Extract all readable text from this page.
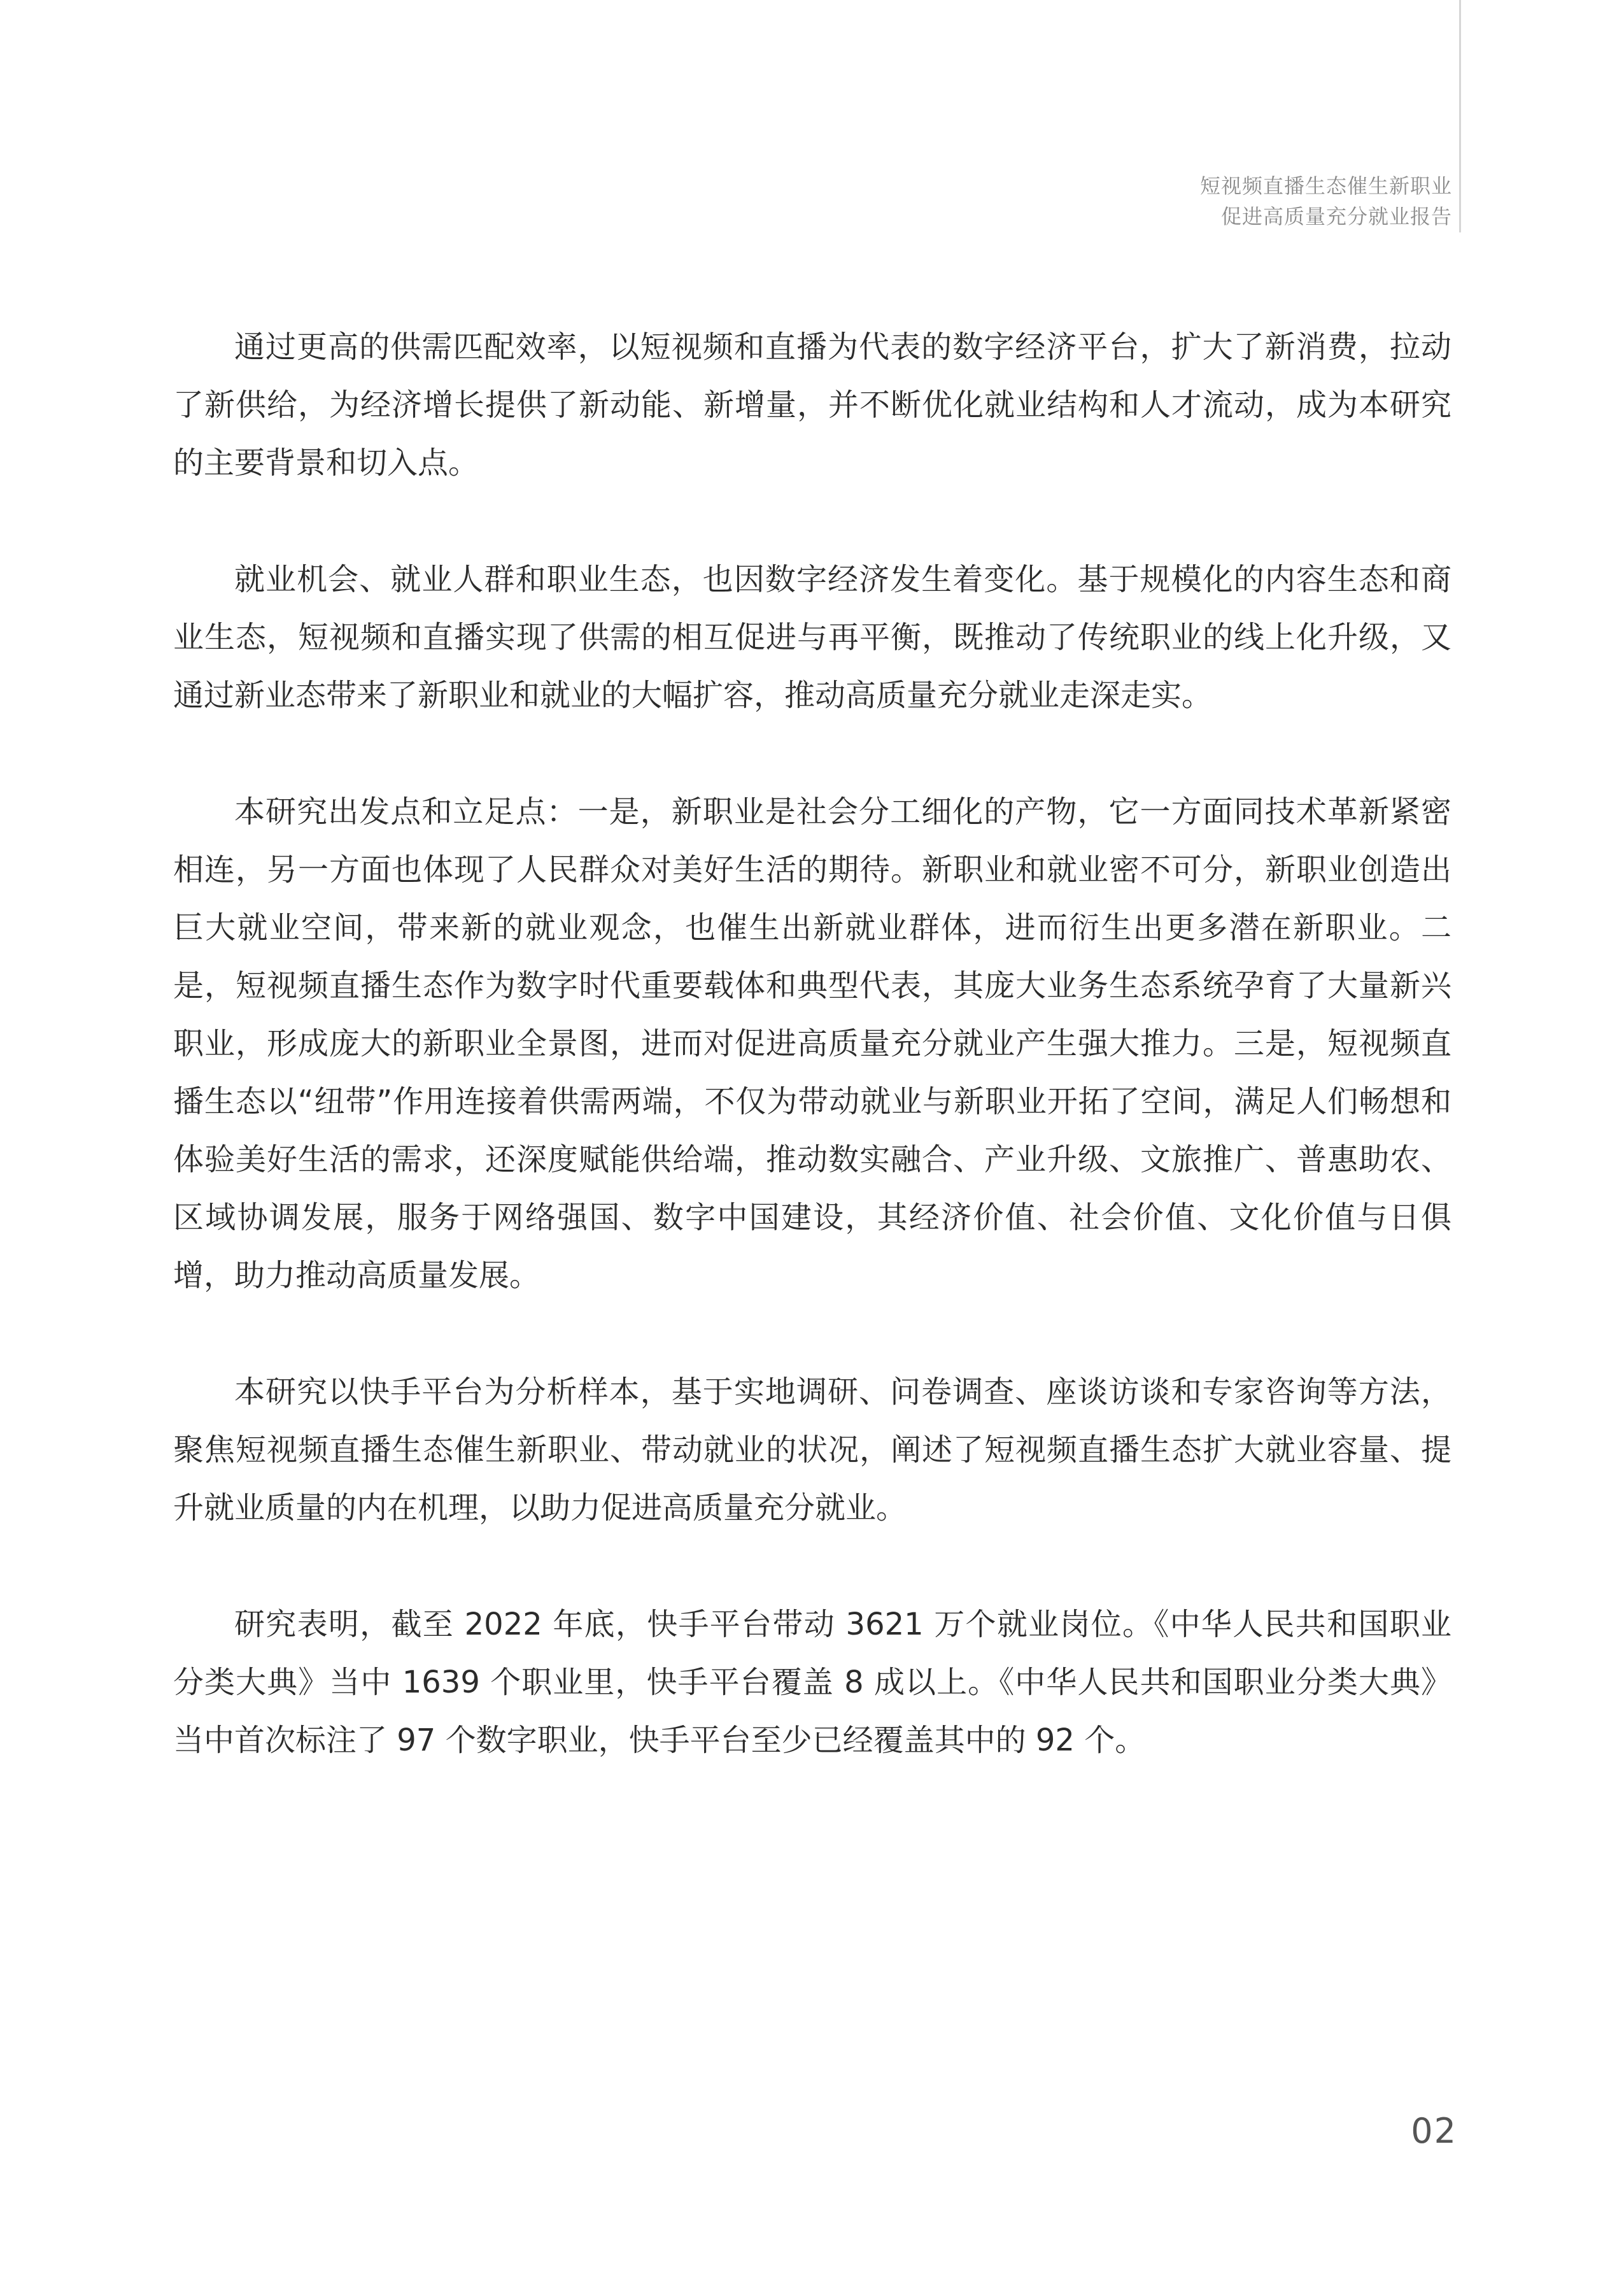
短视频直播生态催生新职业
促进高质量充分就业报告

通过更高的供需匹配效率，以短视频和直播为代表的数字经济平台，扩大了新消费，拉动了新供给，为经济增长提供了新动能、新增量，并不断优化就业结构和人才流动，成为本研究的主要背景和切入点。

就业机会、就业人群和职业生态，也因数字经济发生着变化。基于规模化的内容生态和商业生态，短视频和直播实现了供需的相互促进与再平衡，既推动了传统职业的线上化升级，又通过新业态带来了新职业和就业的大幅扩容，推动高质量充分就业走深走实。

本研究出发点和立足点：一是，新职业是社会分工细化的产物，它一方面同技术革新紧密相连，另一方面也体现了人民群众对美好生活的期待。新职业和就业密不可分，新职业创造出巨大就业空间，带来新的就业观念，也催生出新就业群体，进而衍生出更多潜在新职业。二是，短视频直播生态作为数字时代重要载体和典型代表，其庞大业务生态系统孕育了大量新兴职业，形成庞大的新职业全景图，进而对促进高质量充分就业产生强大推力。三是，短视频直播生态以“纽带”作用连接着供需两端，不仅为带动就业与新职业开拓了空间，满足人们畅想和体验美好生活的需求，还深度赋能供给端，推动数实融合、产业升级、文旅推广、普惠助农、区域协调发展，服务于网络强国、数字中国建设，其经济价值、社会价值、文化价值与日俱增，助力推动高质量发展。

本研究以快手平台为分析样本，基于实地调研、问卷调查、座谈访谈和专家咨询等方法，聚焦短视频直播生态催生新职业、带动就业的状况，阐述了短视频直播生态扩大就业容量、提升就业质量的内在机理，以助力促进高质量充分就业。

研究表明，截至 2022 年底，快手平台带动 3621 万个就业岗位。《中华人民共和国职业分类大典》当中 1639 个职业里，快手平台覆盖 8 成以上。《中华人民共和国职业分类大典》当中首次标注了 97 个数字职业，快手平台至少已经覆盖其中的 92 个。

02
